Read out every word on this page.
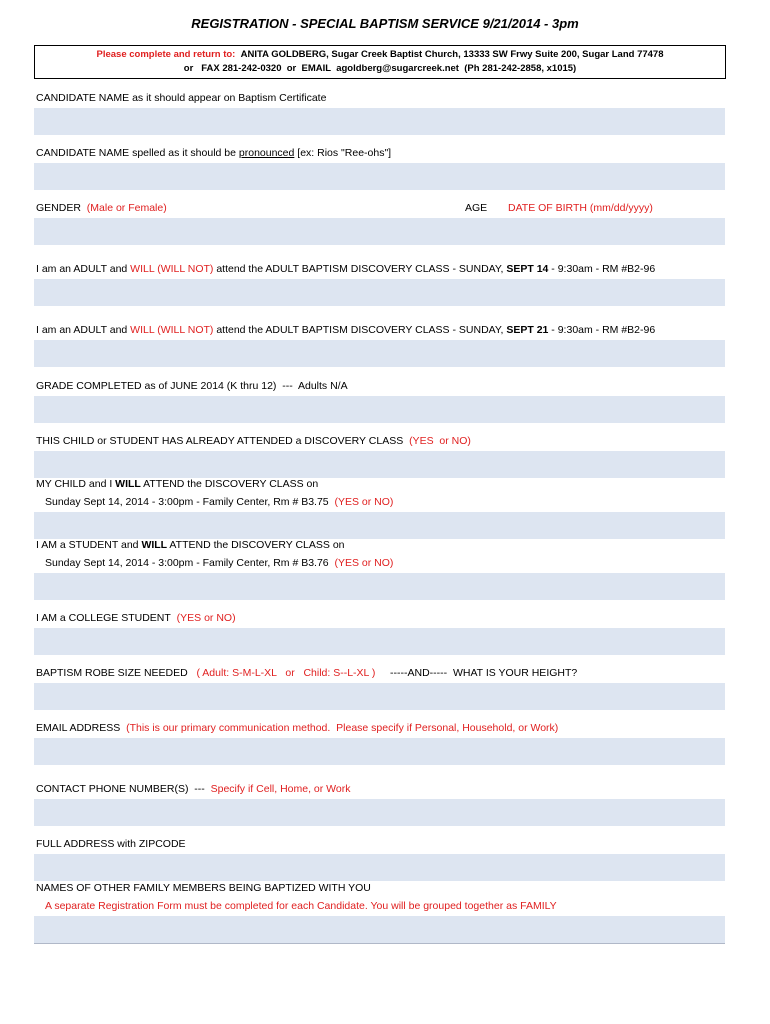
REGISTRATION - SPECIAL BAPTISM SERVICE 9/21/2014 - 3pm
Please complete and return to: ANITA GOLDBERG, Sugar Creek Baptist Church, 13333 SW Frwy Suite 200, Sugar Land 77478
or   FAX 281-242-0320  or  EMAIL  agoldberg@sugarcreek.net  (Ph 281-242-2858, x1015)
CANDIDATE NAME as it should appear on Baptism Certificate
CANDIDATE NAME spelled as it should be pronounced [ex: Rios "Ree-ohs"]
GENDER (Male or Female)	AGE DATE OF BIRTH (mm/dd/yyyy)
I am an ADULT and WILL (WILL NOT) attend the ADULT BAPTISM DISCOVERY CLASS - SUNDAY, SEPT 14 - 9:30am - RM #B2-96
I am an ADULT and WILL (WILL NOT) attend the ADULT BAPTISM DISCOVERY CLASS - SUNDAY, SEPT 21 - 9:30am - RM #B2-96
GRADE COMPLETED as of JUNE 2014 (K thru 12)  ---  Adults N/A
THIS CHILD or STUDENT HAS ALREADY ATTENDED a DISCOVERY CLASS (YES  or NO)
MY CHILD and I WILL ATTEND the DISCOVERY CLASS on
Sunday Sept 14, 2014 - 3:00pm - Family Center, Rm # B3.75 (YES or NO)
I AM a STUDENT and WILL ATTEND the DISCOVERY CLASS on
Sunday Sept 14, 2014 - 3:00pm - Family Center, Rm # B3.76 (YES or NO)
I AM a COLLEGE STUDENT (YES or NO)
BAPTISM ROBE SIZE NEEDED ( Adult: S-M-L-XL   or   Child: S--L-XL ) -----AND-----  WHAT IS YOUR HEIGHT?
EMAIL ADDRESS (This is our primary communication method.  Please specify if Personal, Household, or Work)
CONTACT PHONE NUMBER(S)  --- Specify if Cell, Home, or Work
FULL ADDRESS with ZIPCODE
NAMES OF OTHER FAMILY MEMBERS BEING BAPTIZED WITH YOU
A separate Registration Form must be completed for each Candidate. You will be grouped together as FAMILY
